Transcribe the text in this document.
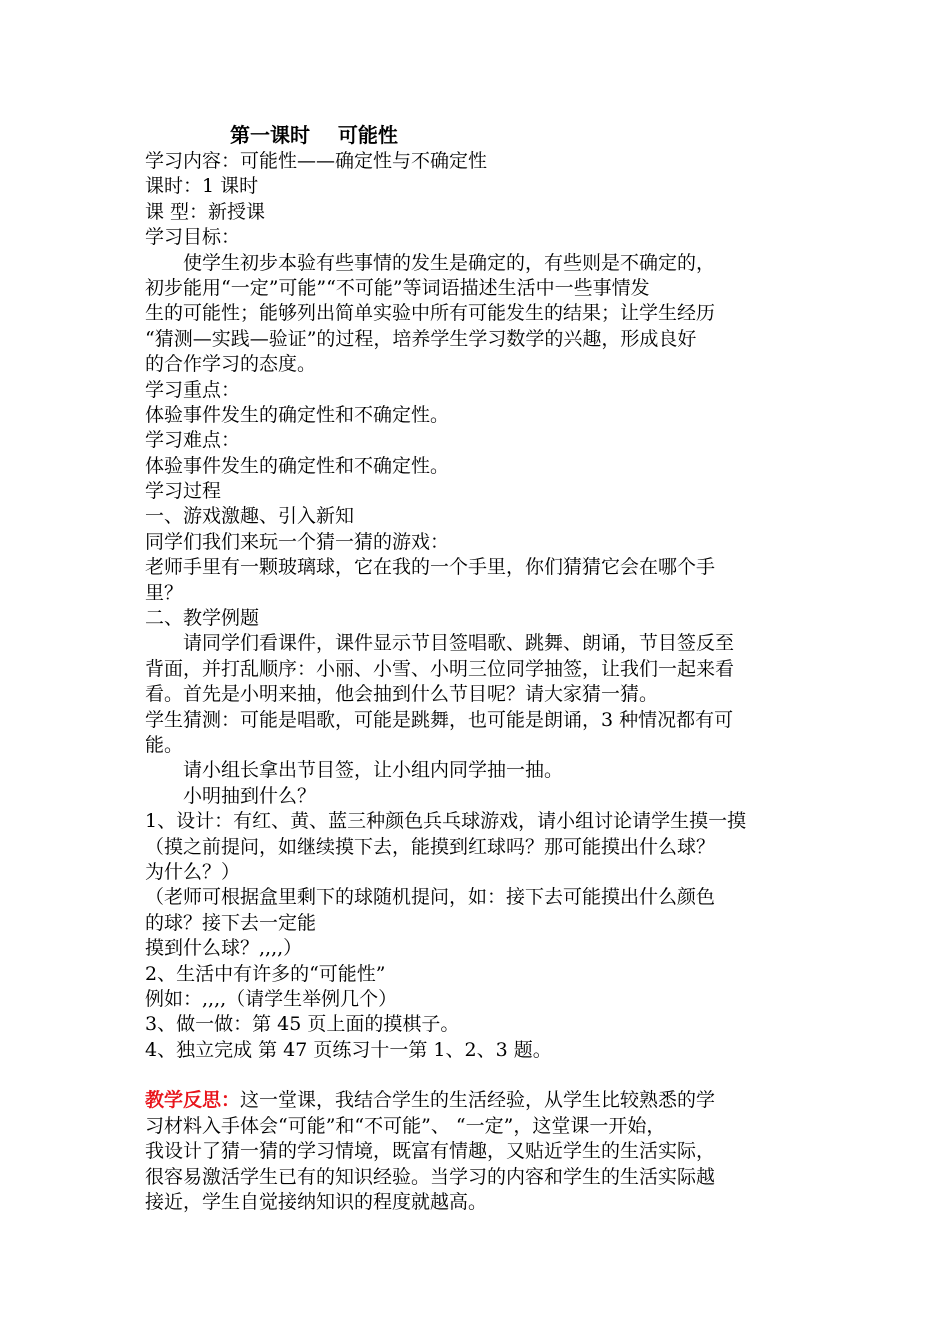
第一课时    可能性
学习内容：可能性——确定性与不确定性
课时：1 课时
课 型：新授课
学习目标：
使学生初步本验有些事情的发生是确定的，有些则是不确定的，
初步能用“一定”可能”“不可能”等词语描述生活中一些事情发
生的可能性；能够列出简单实验中所有可能发生的结果；让学生经历
“猜测—实践—验证”的过程，培养学生学习数学的兴趣，形成良好
的合作学习的态度。
学习重点：
体验事件发生的确定性和不确定性。
学习难点：
体验事件发生的确定性和不确定性。
学习过程
一、游戏激趣、引入新知
同学们我们来玩一个猜一猜的游戏：
老师手里有一颗玻璃球，它在我的一个手里，你们猜猜它会在哪个手
里？
二、教学例题
请同学们看课件，课件显示节目签唱歌、跳舞、朗诵，节目签反至
背面，并打乱顺序：小丽、小雪、小明三位同学抽签，让我们一起来看
看。首先是小明来抽，他会抽到什么节目呢？请大家猜一猜。
学生猜测：可能是唱歌，可能是跳舞，也可能是朗诵，3 种情况都有可
能。
请小组长拿出节目签，让小组内同学抽一抽。
小明抽到什么？
1、设计：有红、黄、蓝三种颜色兵乓球游戏，请小组讨论请学生摸一摸
（摸之前提问，如继续摸下去，能摸到红球吗？那可能摸出什么球？
为什么？）
（老师可根据盒里剩下的球随机提问，如：接下去可能摸出什么颜色
的球？接下去一定能
摸到什么球？,,,,）
2、生活中有许多的“可能性”
例如：,,,,（请学生举例几个）
3、做一做：第 45 页上面的摸棋子。
4、独立完成 第 47 页练习十一第 1、2、3 题。
教学反思：这一堂课，我结合学生的生活经验，从学生比较熟悉的学
习材料入手体会“可能”和“不可能”、 “一定”，这堂课一开始，
我设计了猜一猜的学习情境，既富有情趣，又贴近学生的生活实际，
很容易激活学生已有的知识经验。当学习的内容和学生的生活实际越
接近，学生自觉接纳知识的程度就越高。
